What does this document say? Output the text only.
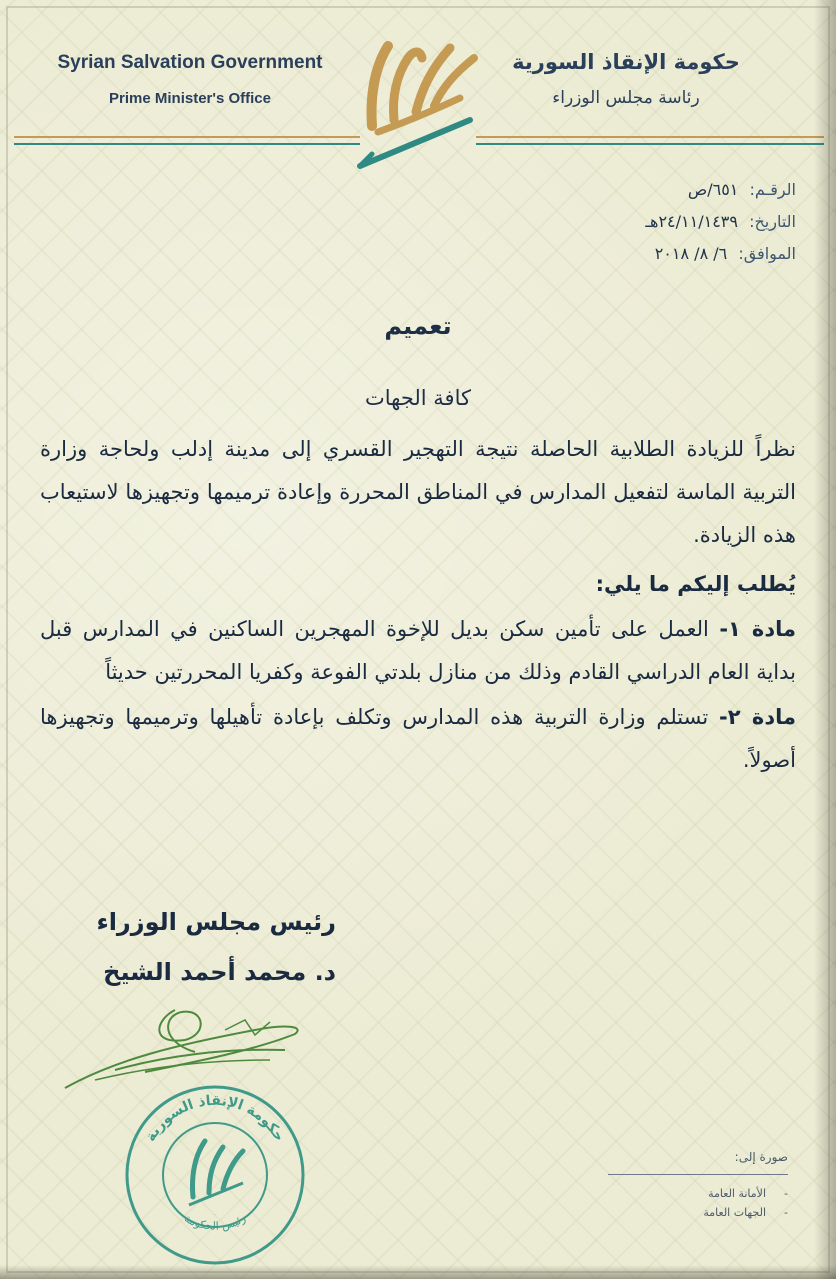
Syrian Salvation Government
Prime Minister's Office
حكومة الإنقاذ السورية
رئاسة مجلس الوزراء
سوريا
الرقـم: ٦٥١/ص
التاريخ: ٢٤/١١/١٤٣٩هـ
الموافق: ٦/ ٨/ ٢٠١٨
تعميم
كافة الجهات

نظراً للزيادة الطلابية الحاصلة نتيجة التهجير القسري إلى مدينة إدلب ولحاجة وزارة التربية الماسة لتفعيل المدارس في المناطق المحررة وإعادة ترميمها وتجهيزها لاستيعاب هذه الزيادة.

يُطلب إليكم ما يلي:

مادة ١- العمل على تأمين سكن بديل للإخوة المهجرين الساكنين في المدارس قبل بداية العام الدراسي القادم وذلك من منازل بلدتي الفوعة وكفريا المحررتين حديثاً

مادة ٢- تستلم وزارة التربية هذه المدارس وتكلف بإعادة تأهيلها وترميمها وتجهيزها أصولاً.

رئيس مجلس الوزراء
د. محمد أحمد الشيخ
حكومة الإنقاذ السورية
رئيس الحكومة
سوريا
صورة إلى:
-الأمانة العامة
-الجهات العامة
